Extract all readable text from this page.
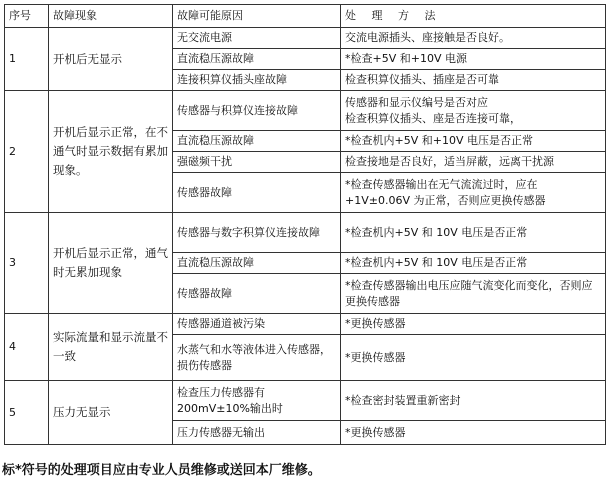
序号	故障现象	故障可能原因	处 理 方 法
1	开机后无显示	无交流电源	交流电源插头、座接触是否良好。
		直流稳压源故障	*检查+5V 和+10V 电源
		连接积算仪插头座故障	检查积算仪插头、插座是否可靠
2	开机后显示正常，在不通气时显示数据有累加现象。	传感器与积算仪连接故障	传感器和显示仪编号是否对应
检查积算仪插头、座是否连接可靠，
		直流稳压源故障	*检查机内+5V 和+10V 电压是否正常
		强磁频干扰	检查接地是否良好，适当屏蔽，远离干扰源
		传感器故障	*检查传感器输出在无气流流过时，应在+1V±0.06V 为正常，否则应更换传感器
3	开机后显示正常，通气时无累加现象	传感器与数字积算仪连接故障	*检查机内+5V 和 10V 电压是否正常
		直流稳压源故障	*检查机内+5V 和 10V 电压是否正常
		传感器故障	*检查传感器输出电压应随气流变化而变化，否则应更换传感器
4	实际流量和显示流量不一致	传感器通道被污染	*更换传感器
		水蒸气和水等液体进入传感器，损伤传感器	*更换传感器
5	压力无显示	检查压力传感器有 200mV±10%输出时	*检查密封装置重新密封
		压力传感器无输出	*更换传感器
标*符号的处理项目应由专业人员维修或送回本厂维修。
